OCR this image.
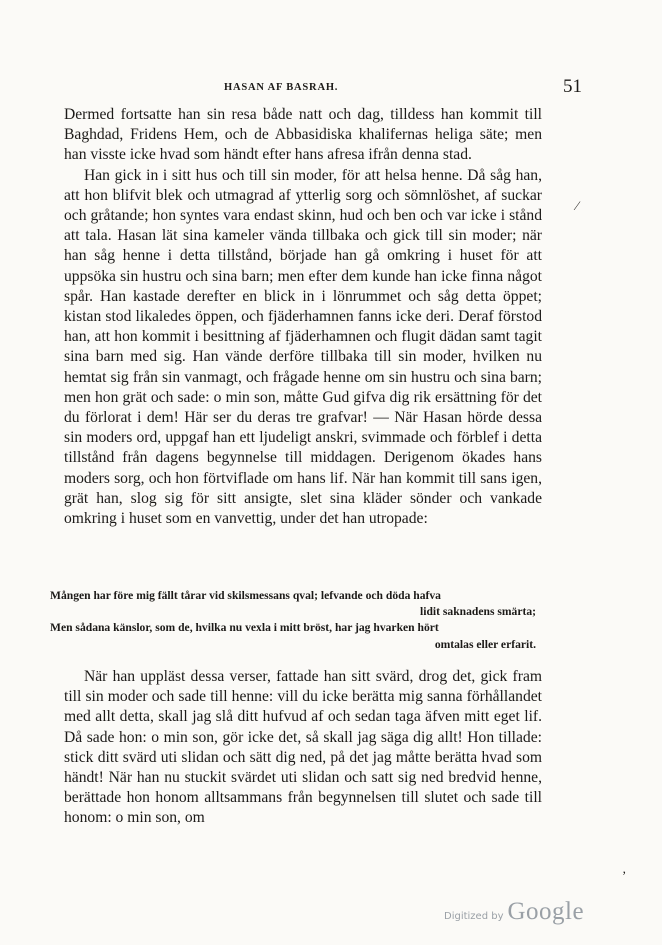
HASAN AF BASRAH.	51

Dermed fortsatte han sin resa både natt och dag, tilldess han kommit till Baghdad, Fridens Hem, och de Abbasidiska khalifernas heliga säte; men han visste icke hvad som händt efter hans afresa ifrån denna stad.

Han gick in i sitt hus och till sin moder, för att helsa henne. Då såg han, att hon blifvit blek och utmagrad af ytterlig sorg och sömnlöshet, af suckar och gråtande; hon syntes vara endast skinn, hud och ben och var icke i stånd att tala. Hasan lät sina kameler vända tillbaka och gick till sin moder; när han såg henne i detta tillstånd, började han gå omkring i huset för att uppsöka sin hustru och sina barn; men efter dem kunde han icke finna något spår. Han kastade derefter en blick in i lönrummet och såg detta öppet; kistan stod likaledes öppen, och fjäderhamnen fanns icke deri. Deraf förstod han, att hon kommit i besittning af fjäderhamnen och flugit dädan samt tagit sina barn med sig. Han vände derföre tillbaka till sin moder, hvilken nu hemtat sig från sin vanmagt, och frågade henne om sin hustru och sina barn; men hon grät och sade: o min son, måtte Gud gifva dig rik ersättning för det du förlorat i dem! Här ser du deras tre grafvar! — När Hasan hörde dessa sin moders ord, uppgaf han ett ljudeligt anskri, svimmade och förblef i detta tillstånd från dagens begynnelse till middagen. Derigenom ökades hans moders sorg, och hon förtviflade om hans lif. När han kommit till sans igen, grät han, slog sig för sitt ansigte, slet sina kläder sönder och vankade omkring i huset som en vanvettig, under det han utropade:

Mången har före mig fällt tårar vid skilsmessans qval; lefvande och döda hafva
lidit saknadens smärta;
Men sådana känslor, som de, hvilka nu vexla i mitt bröst, har jag hvarken hört
omtalas eller erfarit.

När han uppläst dessa verser, fattade han sitt svärd, drog det, gick fram till sin moder och sade till henne: vill du icke berätta mig sanna förhållandet med allt detta, skall jag slå ditt hufvud af och sedan taga äfven mitt eget lif. Då sade hon: o min son, gör icke det, så skall jag säga dig allt! Hon tillade: stick ditt svärd uti slidan och sätt dig ned, på det jag måtte berätta hvad som händt! När han nu stuckit svärdet uti slidan och satt sig ned bredvid henne, berättade hon honom alltsammans från begynnelsen till slutet och sade till honom: o min son, om

⁄
ʼ
Digitized by Google
